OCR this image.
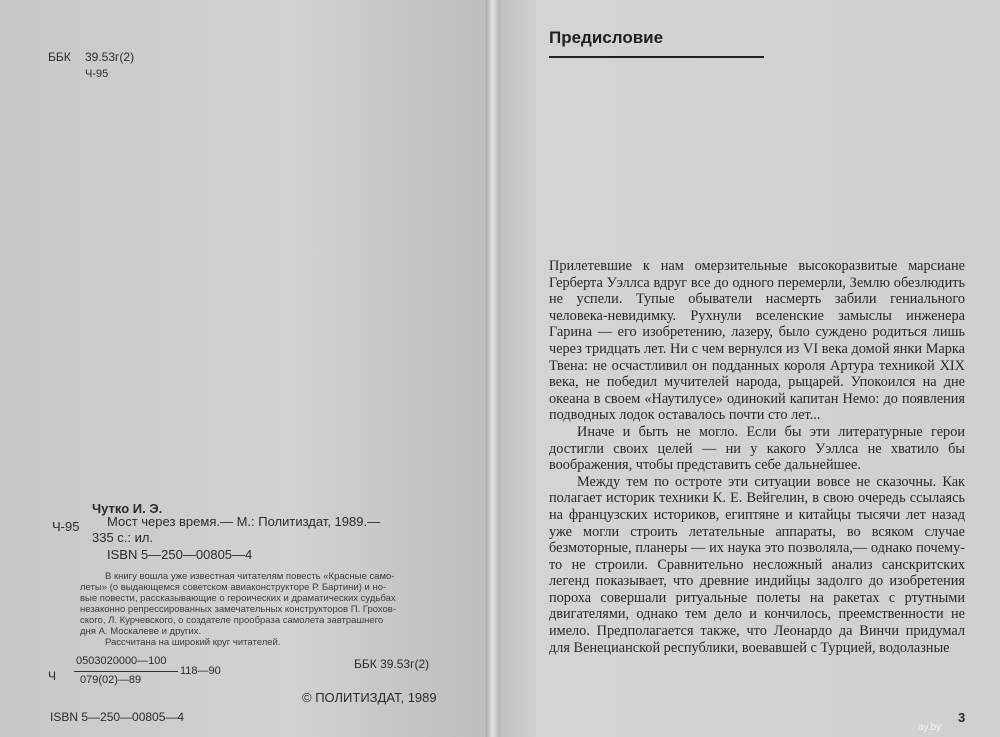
ББК 39.53г(2)
Ч-95
Чутко И. Э.
Ч-95 Мост через время.— М.: Политиздат, 1989.—
335 с.: ил.
ISBN 5—250—00805—4

В книгу вошла уже известная читателям повесть «Красные само-

леты» (о выдающемся советском авиаконструкторе Р. Бартини) и но-

вые повести, рассказывающие о героических и драматических судьбах

незаконно репрессированных замечательных конструкторов П. Грохов-

ского, Л. Курчевского, о создателе прообраза самолета завтрашнего

дня А. Москалеве и других.

Рассчитана на широкий круг читателей.

Ч
0503020000—100
079(02)—89
118—90	ББК 39.53г(2)
© ПОЛИТИЗДАТ, 1989
ISBN 5—250—00805—4
Предисловие

Прилетевшие к нам омерзительные высокоразвитые марсиане Герберта Уэллса вдруг все до одного перемерли, Землю обезлюдить не успели. Тупые обыватели насмерть забили гениального человека-невидимку. Рухнули вселенские замыслы инженера Гарина — его изобретению, лазеру, было суждено родиться лишь через тридцать лет. Ни с чем вернулся из VI века домой янки Марка Твена: не осчастливил он подданных короля Артура техникой XIX века, не победил мучителей народа, рыцарей. Упокоился на дне океана в своем «Наутилусе» одинокий капитан Немо: до появления подводных лодок оставалось почти сто лет...

Иначе и быть не могло. Если бы эти литературные герои достигли своих целей — ни у какого Уэллса не хватило бы воображения, чтобы представить себе дальнейшее.

Между тем по остроте эти ситуации вовсе не сказочны. Как полагает историк техники К. Е. Вейгелин, в свою очередь ссылаясь на французских историков, египтяне и китайцы тысячи лет назад уже могли строить летательные аппараты, во всяком случае безмоторные, планеры — их наука это позволяла,— однако почему-то не строили. Сравнительно несложный анализ санскритских легенд показывает, что древние индийцы задолго до изобретения пороха совершали ритуальные полеты на ракетах с ртутными двигателями, однако тем дело и кончилось, преемственности не имело. Предполагается также, что Леонардо да Винчи придумал для Венецианской республики, воевавшей с Турцией, водолазные

3
ay.by
